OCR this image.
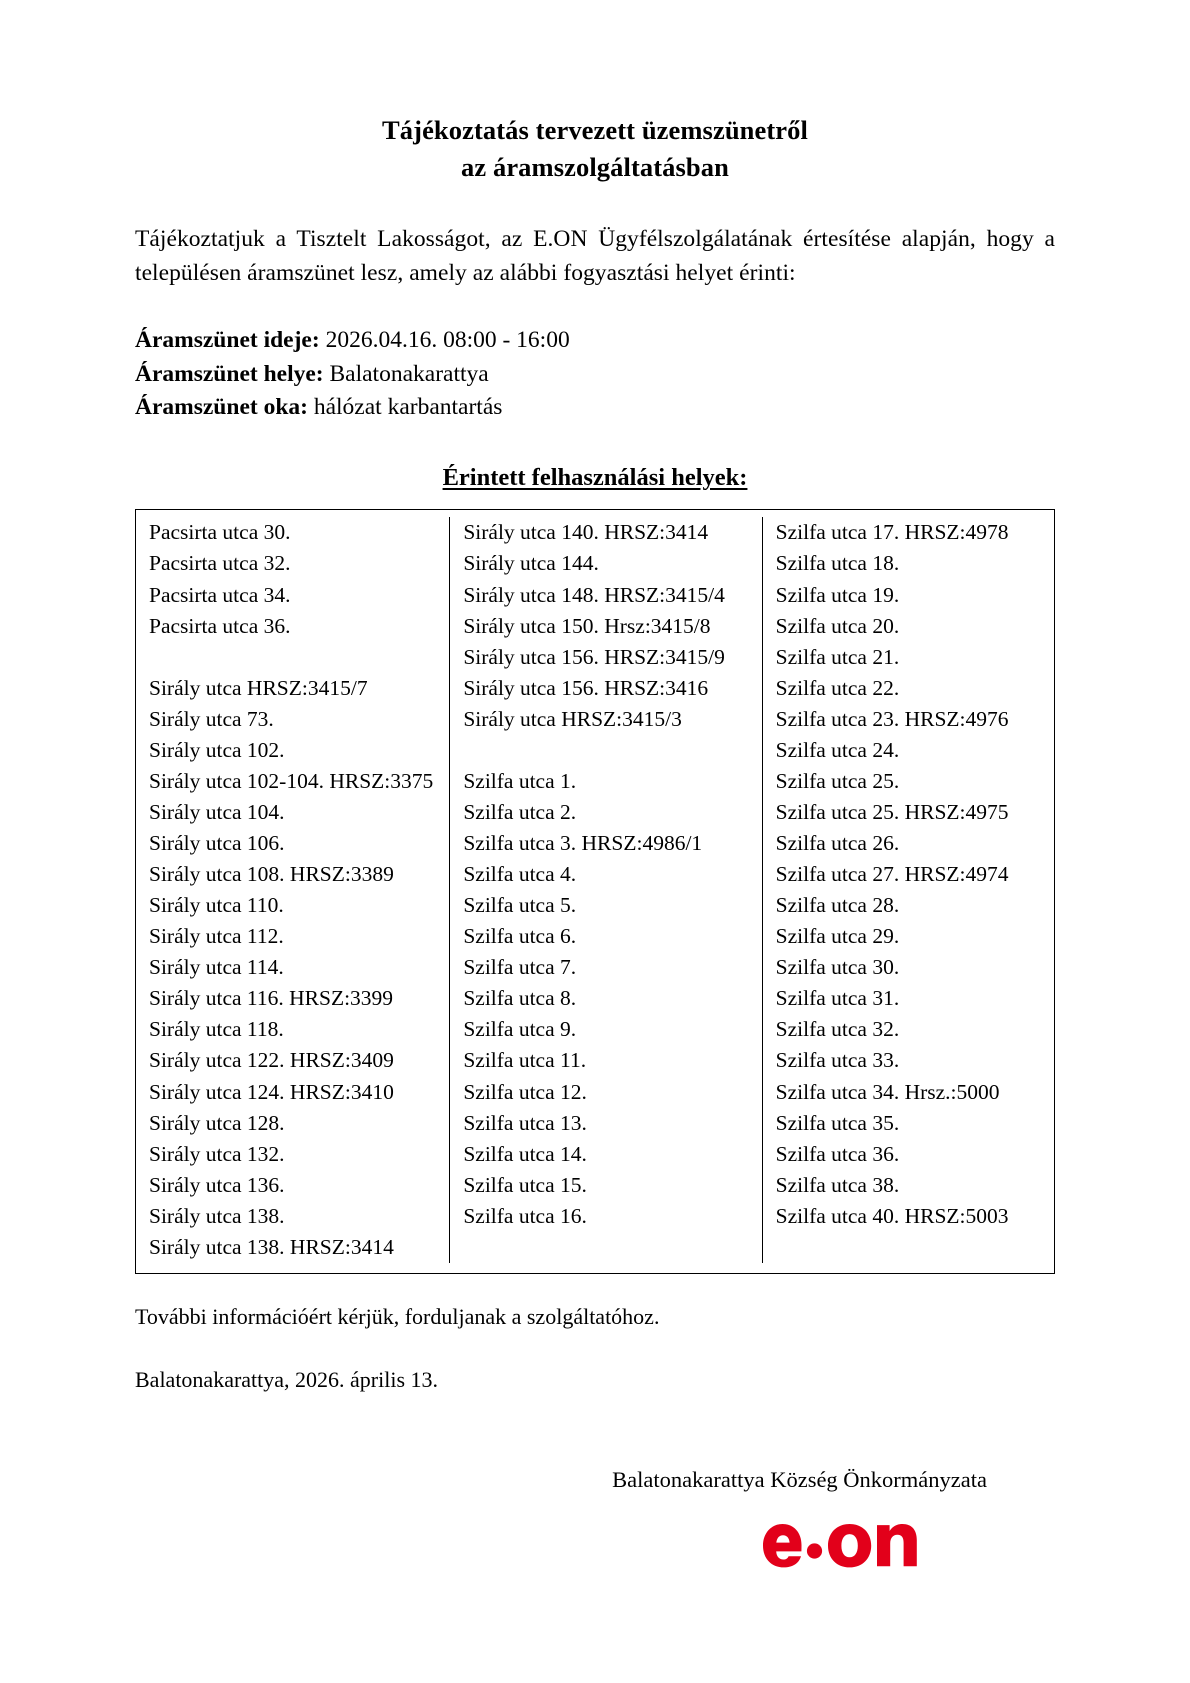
Tájékoztatás tervezett üzemszünetről
az áramszolgáltatásban

Tájékoztatjuk a Tisztelt Lakosságot, az E.ON Ügyfélszolgálatának értesítése alapján, hogy a településen áramszünet lesz, amely az alábbi fogyasztási helyet érinti:

Áramszünet ideje: 2026.04.16. 08:00 - 16:00
Áramszünet helye: Balatonakarattya
Áramszünet oka: hálózat karbantartás
Érintett felhasználási helyek:
Pacsirta utca 30.
Pacsirta utca 32.
Pacsirta utca 34.
Pacsirta utca 36.

Sirály utca HRSZ:3415/7
Sirály utca 73.
Sirály utca 102.
Sirály utca 102-104. HRSZ:3375
Sirály utca 104.
Sirály utca 106.
Sirály utca 108. HRSZ:3389
Sirály utca 110.
Sirály utca 112.
Sirály utca 114.
Sirály utca 116. HRSZ:3399
Sirály utca 118.
Sirály utca 122. HRSZ:3409
Sirály utca 124. HRSZ:3410
Sirály utca 128.
Sirály utca 132.
Sirály utca 136.
Sirály utca 138.
Sirály utca 138. HRSZ:3414
Sirály utca 140. HRSZ:3414
Sirály utca 144.
Sirály utca 148. HRSZ:3415/4
Sirály utca 150. Hrsz:3415/8
Sirály utca 156. HRSZ:3415/9
Sirály utca 156. HRSZ:3416
Sirály utca HRSZ:3415/3

Szilfa utca 1.
Szilfa utca 2.
Szilfa utca 3. HRSZ:4986/1
Szilfa utca 4.
Szilfa utca 5.
Szilfa utca 6.
Szilfa utca 7.
Szilfa utca 8.
Szilfa utca 9.
Szilfa utca 11.
Szilfa utca 12.
Szilfa utca 13.
Szilfa utca 14.
Szilfa utca 15.
Szilfa utca 16.
Szilfa utca 17. HRSZ:4978
Szilfa utca 18.
Szilfa utca 19.
Szilfa utca 20.
Szilfa utca 21.
Szilfa utca 22.
Szilfa utca 23. HRSZ:4976
Szilfa utca 24.
Szilfa utca 25.
Szilfa utca 25. HRSZ:4975
Szilfa utca 26.
Szilfa utca 27. HRSZ:4974
Szilfa utca 28.
Szilfa utca 29.
Szilfa utca 30.
Szilfa utca 31.
Szilfa utca 32.
Szilfa utca 33.
Szilfa utca 34. Hrsz.:5000
Szilfa utca 35.
Szilfa utca 36.
Szilfa utca 38.
Szilfa utca 40. HRSZ:5003

További információért kérjük, forduljanak a szolgáltatóhoz.

Balatonakarattya, 2026. április 13.

Balatonakarattya Község Önkormányzata
